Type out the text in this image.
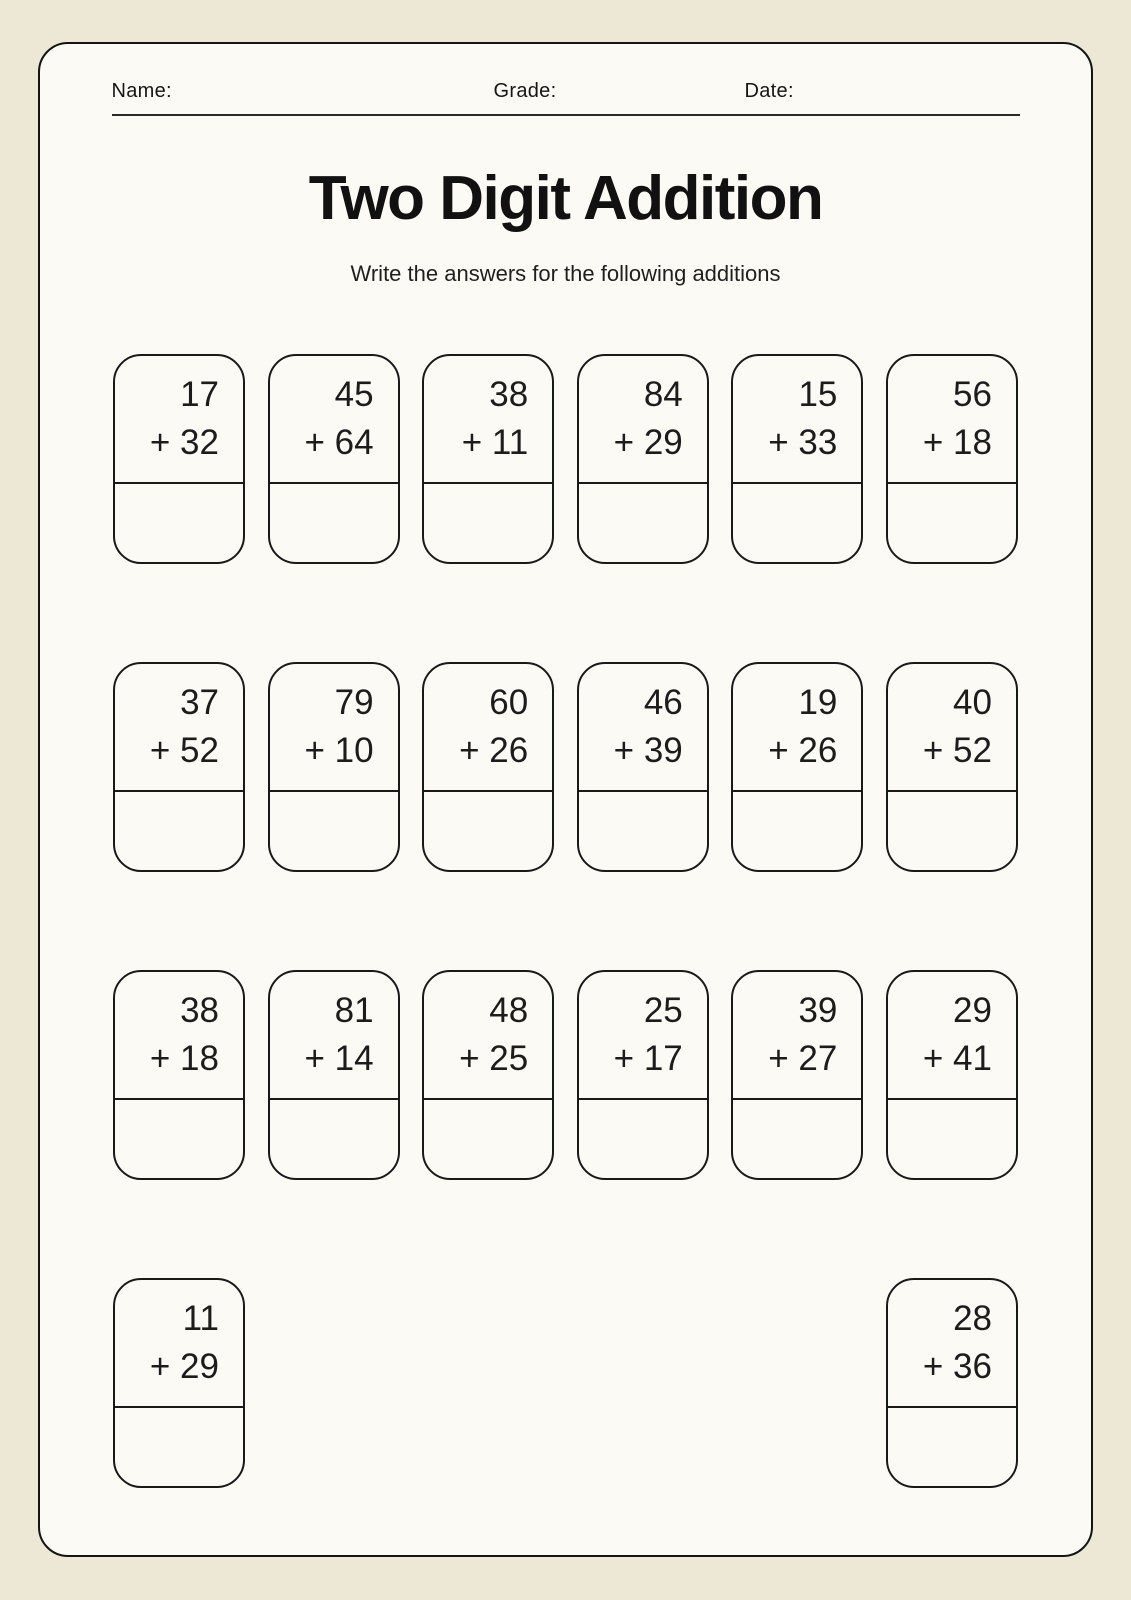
Name:	Grade:	Date:
Two Digit Addition
Write the answers for the following additions
17
+ 32
45
+ 64
38
+ 11
84
+ 29
15
+ 33
56
+ 18
37
+ 52
79
+ 10
60
+ 26
46
+ 39
19
+ 26
40
+ 52
38
+ 18
81
+ 14
48
+ 25
25
+ 17
39
+ 27
29
+ 41
11
+ 29
28
+ 36
